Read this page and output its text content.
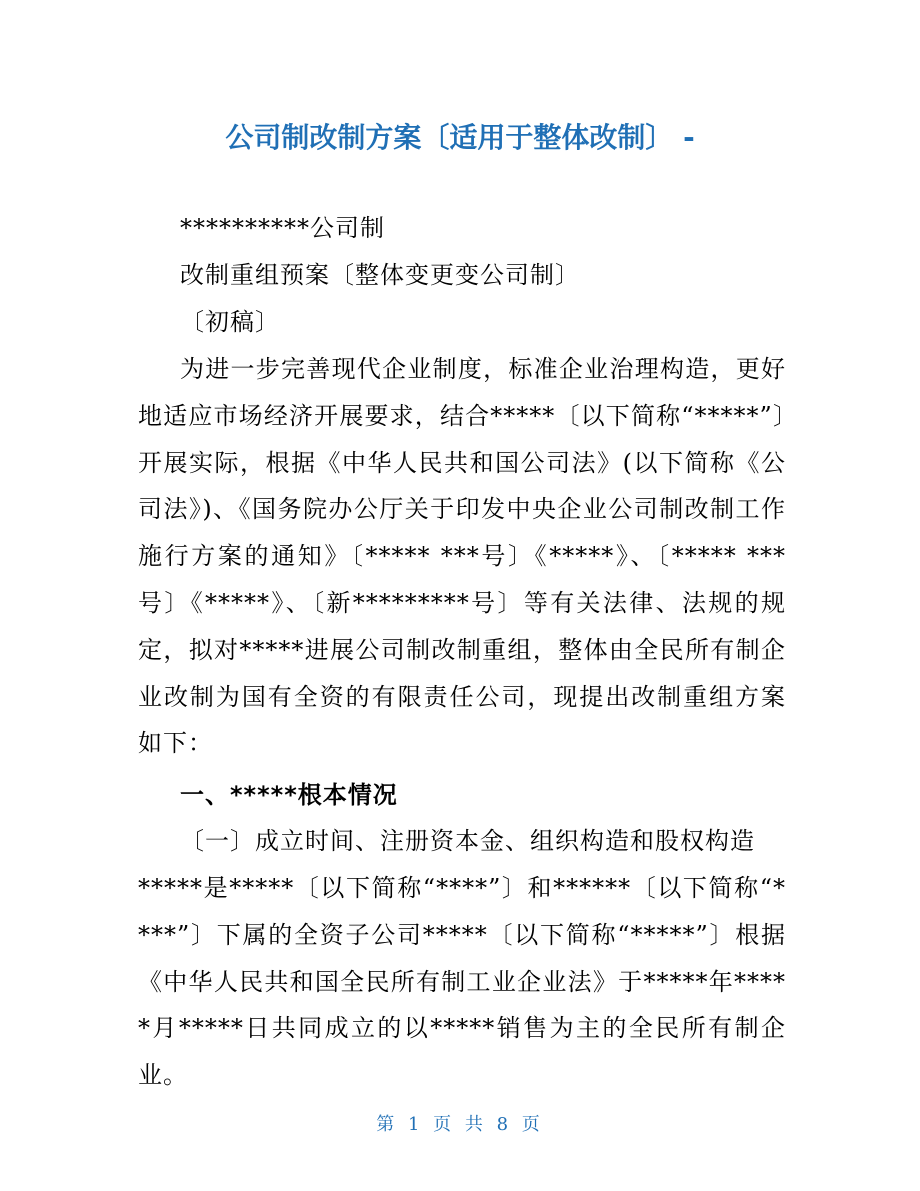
公司制改制方案〔适用于整体改制〕 -

**********公司制

改制重组预案〔整体变更变公司制〕

〔初稿〕

为进一步完善现代企业制度，标准企业治理构造，更好地适应市场经济开展要求，结合*****〔以下简称“*****”〕开展实际，根据《中华人民共和国公司法》(以下简称《公司法》)、《国务院办公厅关于印发中央企业公司制改制工作施行方案的通知》〔***** ***号〕《*****》、〔***** ***号〕《*****》、〔新*********号〕等有关法律、法规的规定，拟对*****进展公司制改制重组，整体由全民所有制企业改制为国有全资的有限责任公司，现提出改制重组方案如下：

一、*****根本情况

〔一〕成立时间、注册资本金、组织构造和股权构造

*****是*****〔以下简称“****”〕和******〔以下简称“****”〕下属的全资子公司*****〔以下简称“*****”〕根据《中华人民共和国全民所有制工业企业法》于*****年*****月*****日共同成立的以*****销售为主的全民所有制企业。

第 1 页 共 8 页
